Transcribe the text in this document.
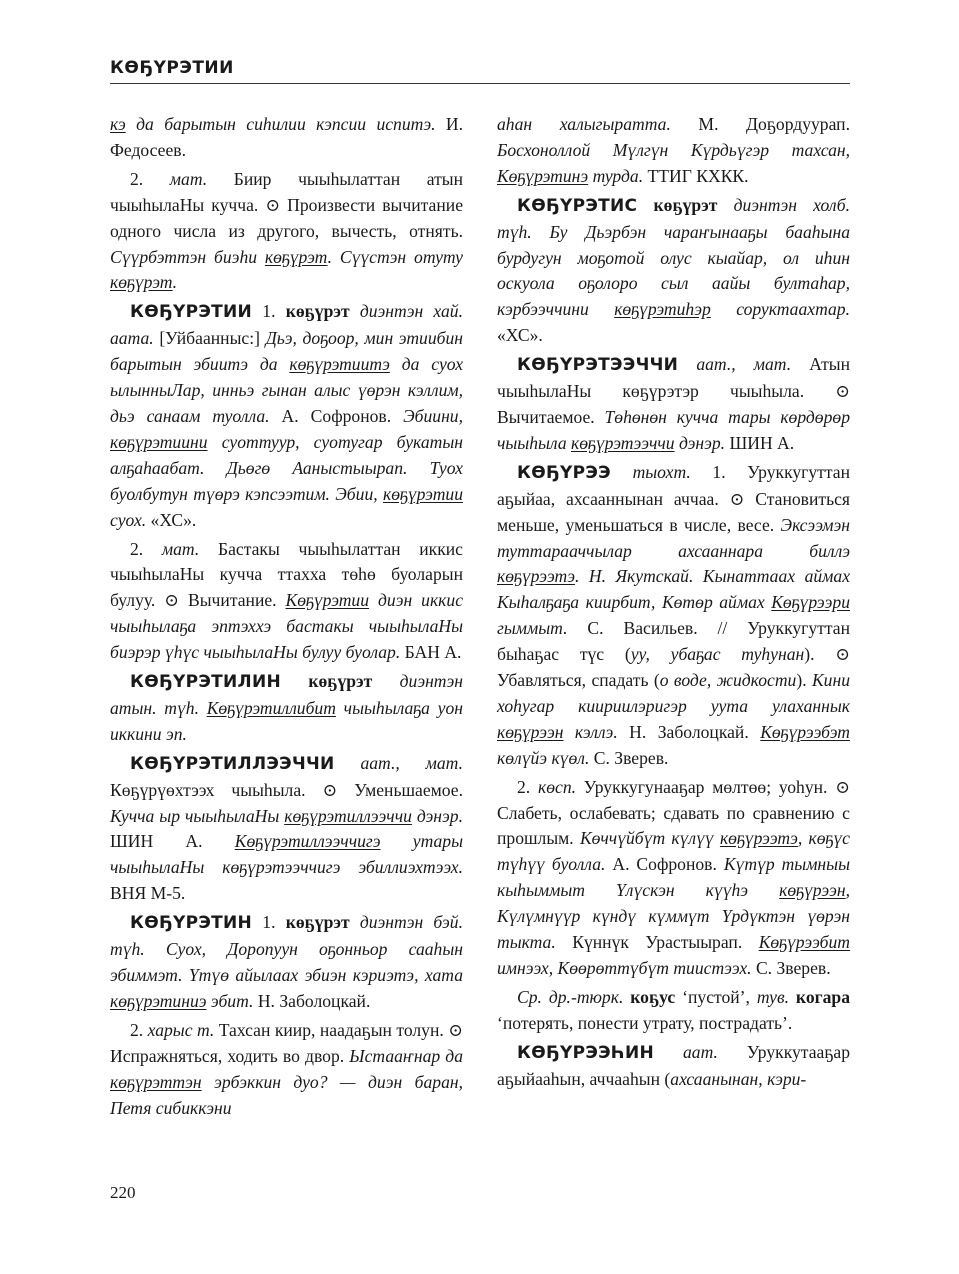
КӨҔҮРЭТИИ

кэ да барытын сиһилии кэпсии испитэ. И. Федосеев.

2. мат. Биир чыыһылаттан атын чыыһылаНы кучча. ⊙ Произвести вычитание одного числа из другого, вычесть, отнять. Сүүрбэттэн биэһи көҕүрэт. Сүүстэн отуту көҕүрэт.

КӨҔҮРЭТИИ 1. көҕүрэт диэнтэн хай. аата. [Уйбаанныс:] Дьэ, доҕоор, мин этиибин барытын эбиитэ да көҕүрэтиитэ да суох ылынныЛар, инньэ гынан алыс үөрэн кэллим, дьэ санаам туолла. А. Софронов. Эбиини, көҕүрэтиини суоттуур, суотугар букатын алҕаһаабат. Дьөгө Ааныстыырап. Туох буолбутун түөрэ кэпсээтим. Эбии, көҕүрэтии суох. «ХС».

2. мат. Бастакы чыыһылаттан иккис чыыһылаНы кучча ттахха төһө буоларын булуу. ⊙ Вычитание. Көҕүрэтии диэн иккис чыыһылаҕа эптэххэ бастакы чыыһылаНы биэрэр үһүс чыыһылаНы булуу буолар. БАН А.

КӨҔҮРЭТИЛИН көҕүрэт диэнтэн атын. түһ. Көҕүрэтиллибит чыыһылаҕа уон иккини эп.

КӨҔҮРЭТИЛЛЭЭЧЧИ аат., мат. Көҕүрүөхтээх чыыһыла. ⊙ Уменьшаемое. Кучча ыр чыыһылаНы көҕүрэтиллээччи дэнэр. ШИН А. Көҕүрэтиллээччигэ утары чыыһылаНы көҕүрэтээччигэ эбиллиэхтээх. ВНЯ М-5.

КӨҔҮРЭТИН 1. көҕүрэт диэнтэн бэй. түһ. Суох, Доропуун оҕонньор сааһын эбиммэт. Үтүө айылаах эбиэн кэриэтэ, хата көҕүрэтиниэ эбит. Н. Заболоцкай.

2. харыс т. Тахсан киир, наадаҕын толун. ⊙ Испражняться, ходить во двор. Ыстааҥнар да көҕүрэттэн эрбэккин дуо? — диэн баран, Петя сибиккэни

аһан халыгыратта. М. Доҕордуурап. Босхоноллой Мүлгүн Күрдьүгэр тахсан, Көҕүрэтинэ турда. ТТИГ КХКК.

КӨҔҮРЭТИС көҕүрэт диэнтэн холб. түһ. Бу Дьэрбэн чараҥынааҕы бааһына бурдугун моҕотой олус кыайар, ол иһин оскуола оҕолоро сыл аайы бултаһар, кэрбээччини көҕүрэтиһэр соруктаахтар. «ХС».

КӨҔҮРЭТЭЭЧЧИ аат., мат. Атын чыыһылаНы көҕүрэтэр чыыһыла. ⊙ Вычитаемое. Төһөнөн кучча тары көрдөрөр чыыһыла көҕүрэтээччи дэнэр. ШИН А.

КӨҔҮРЭЭ тыохт. 1. Уруккугуттан аҕыйаа, ахсааннынан аччаа. ⊙ Становиться меньше, уменьшаться в числе, весе. Эксээмэн туттарааччылар ахсааннара биллэ көҕүрээтэ. Н. Якутскай. Кынаттаах аймах Кыһалҕаҕа киирбит, Көтөр аймах Көҕүрээри гыммыт. С. Васильев. // Уруккугуттан быһаҕас түс (уу, убаҕас туһунан). ⊙ Убавляться, спадать (о воде, жидкости). Кини хоһугар киириилэригэр уута улаханнык көҕүрээн кэллэ. Н. Заболоцкай. Көҕүрээбэт көлүйэ күөл. С. Зверев.

2. көсп. Уруккугунааҕар мөлтөө; уоһун. ⊙ Слабеть, ослабевать; сдавать по сравнению с прошлым. Көччүйбүт күлүү көҕүрээтэ, көҕүс түһүү буолла. А. Софронов. Күтүр тымныы кыһыммыт Үлүскэн күүһэ көҕүрээн, Күлүмнүүр күндү күммүт Үрдүктэн үөрэн тыкта. Күннүк Урастыырап. Көҕүрээбит имнээх, Көөрөттүбүт тиистээх. С. Зверев.

Ср. др.-тюрк. коҕус ‘пустой’, тув. когара ‘потерять, понести утрату, пострадать’.

КӨҔҮРЭЭҺИН аат. Уруккутааҕар аҕыйааһын, аччааһын (ахсаанынан, кэри-

220
